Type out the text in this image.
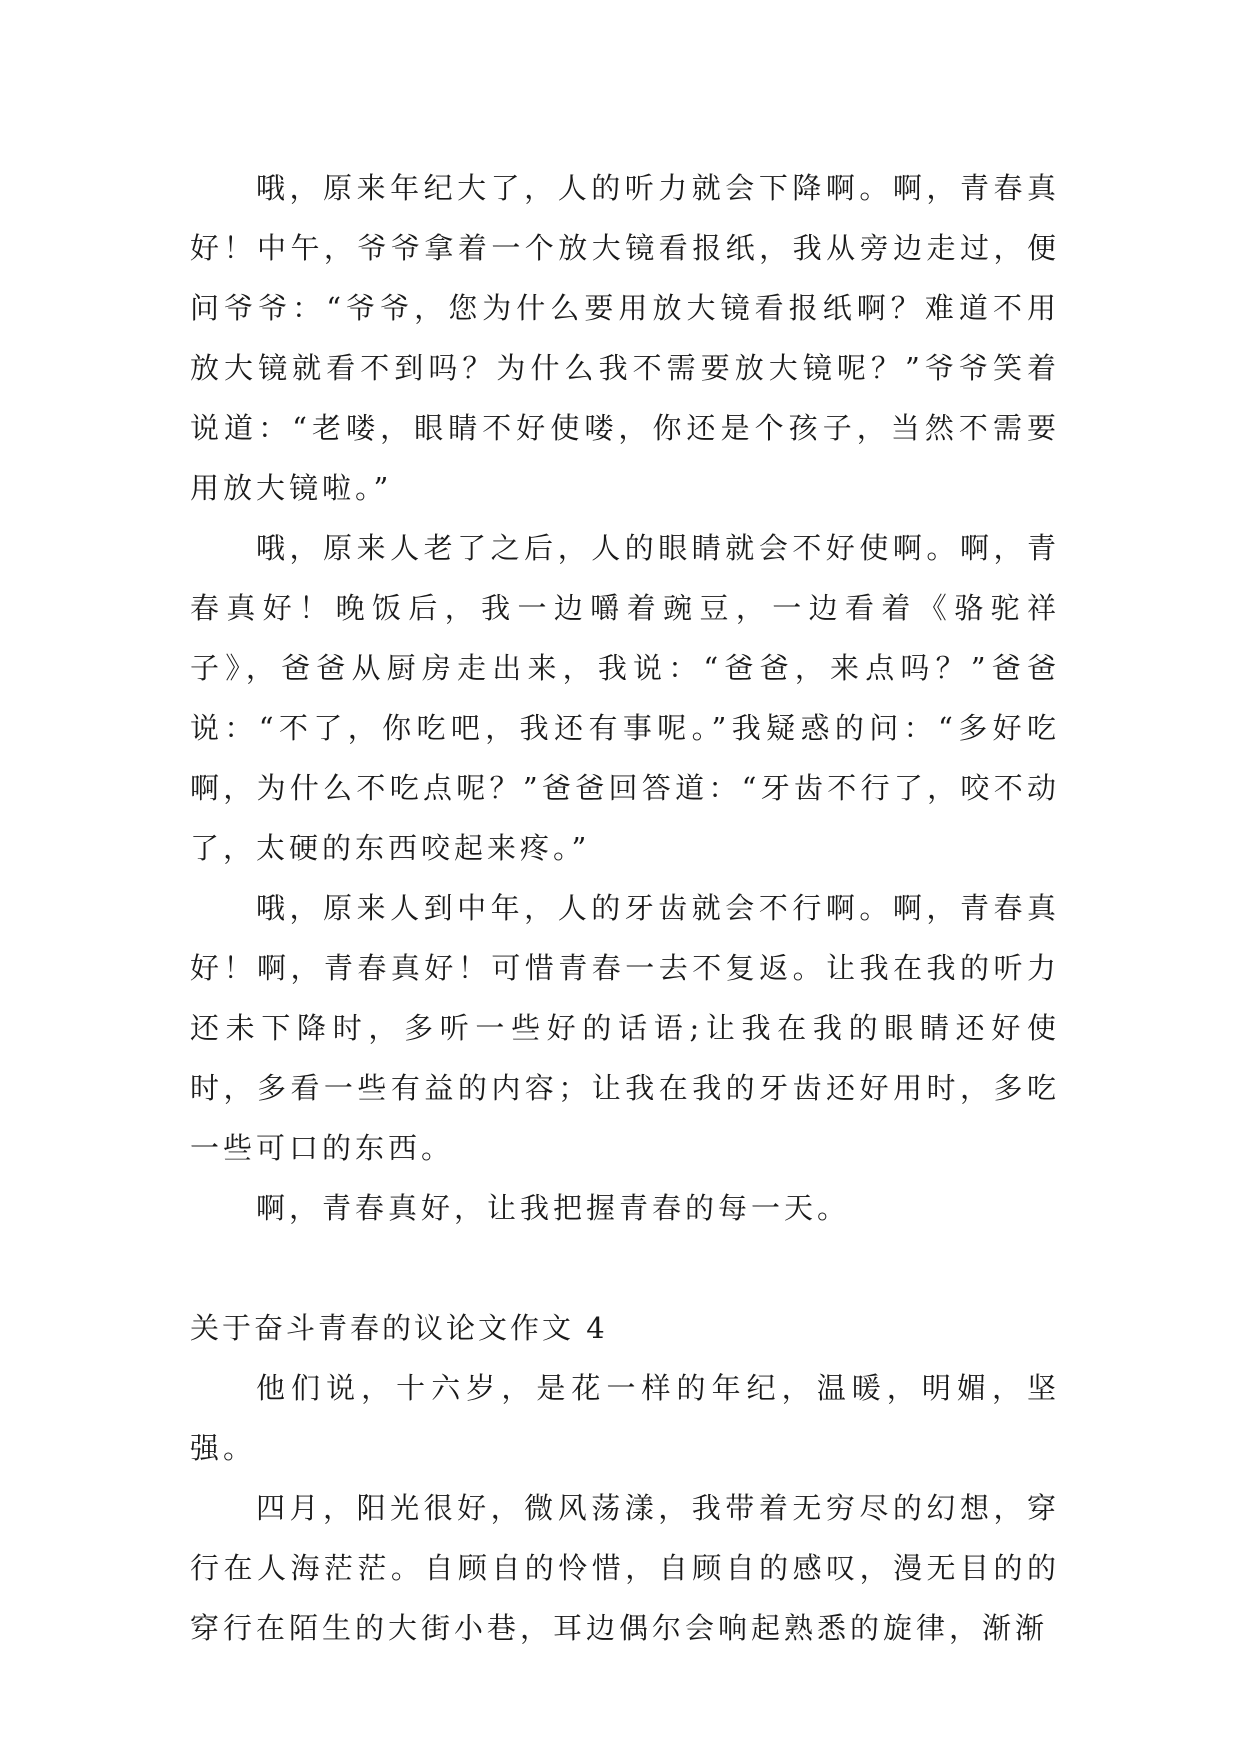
哦，原来年纪大了，人的听力就会下降啊。啊，青春真好！中午，爷爷拿着一个放大镜看报纸，我从旁边走过，便问爷爷：“爷爷，您为什么要用放大镜看报纸啊？难道不用放大镜就看不到吗？为什么我不需要放大镜呢？”爷爷笑着说道：“老喽，眼睛不好使喽，你还是个孩子，当然不需要用放大镜啦。”

哦，原来人老了之后，人的眼睛就会不好使啊。啊，青春真好！晚饭后，我一边嚼着豌豆，一边看着《骆驼祥子》，爸爸从厨房走出来，我说：“爸爸，来点吗？”爸爸说：“不了，你吃吧，我还有事呢。”我疑惑的问：“多好吃啊，为什么不吃点呢？”爸爸回答道：“牙齿不行了，咬不动了，太硬的东西咬起来疼。”

哦，原来人到中年，人的牙齿就会不行啊。啊，青春真好！啊，青春真好！可惜青春一去不复返。让我在我的听力还未下降时，多听一些好的话语;让我在我的眼睛还好使时，多看一些有益的内容；让我在我的牙齿还好用时，多吃一些可口的东西。

啊，青春真好，让我把握青春的每一天。

关于奋斗青春的议论文作文 4

他们说，十六岁，是花一样的年纪，温暖，明媚，坚强。

四月，阳光很好，微风荡漾，我带着无穷尽的幻想，穿行在人海茫茫。自顾自的怜惜，自顾自的感叹，漫无目的的穿行在陌生的大街小巷，耳边偶尔会响起熟悉的旋律，渐渐
